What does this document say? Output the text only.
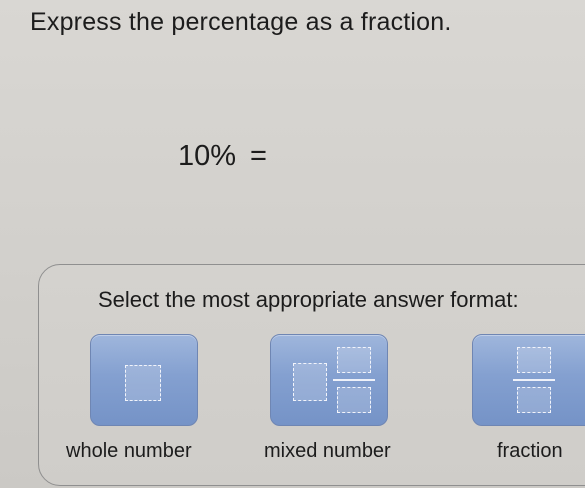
Express the percentage as a fraction.
10% =
Select the most appropriate answer format:
whole number	mixed number	fraction
